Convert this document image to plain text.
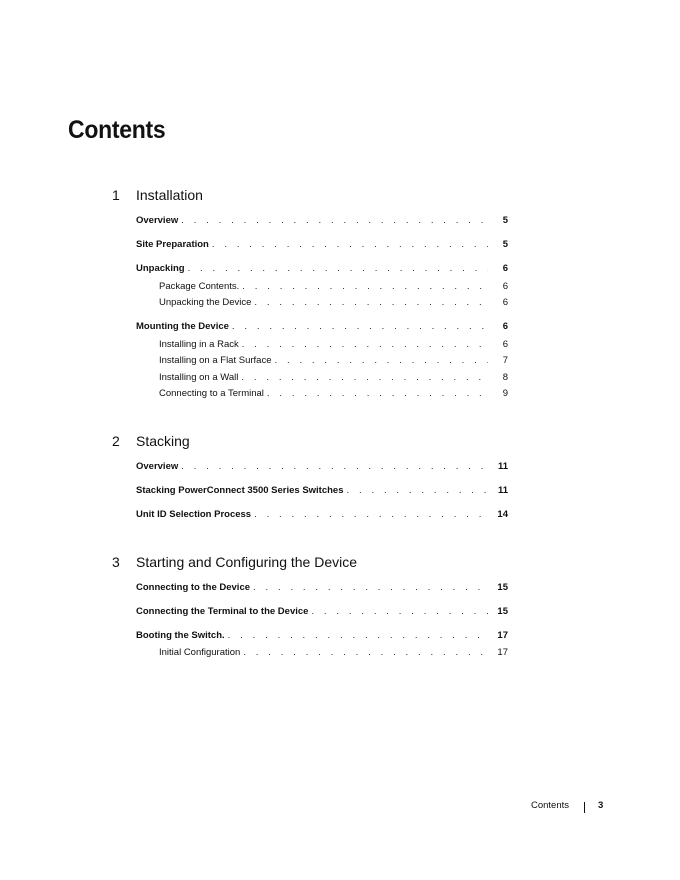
Contents
1 Installation
Overview . . .	5
Site Preparation . . .	5
Unpacking . . .	6
Package Contents. . . .	6
Unpacking the Device . . .	6
Mounting the Device . . .	6
Installing in a Rack . . .	6
Installing on a Flat Surface . . .	7
Installing on a Wall . . .	8
Connecting to a Terminal . . .	9
2 Stacking
Overview . . .	11
Stacking PowerConnect 3500 Series Switches . . .	11
Unit ID Selection Process . . .	14
3 Starting and Configuring the Device
Connecting to the Device . . .	15
Connecting the Terminal to the Device . . .	15
Booting the Switch. . . .	17
Initial Configuration . . .	17
Contents	3
